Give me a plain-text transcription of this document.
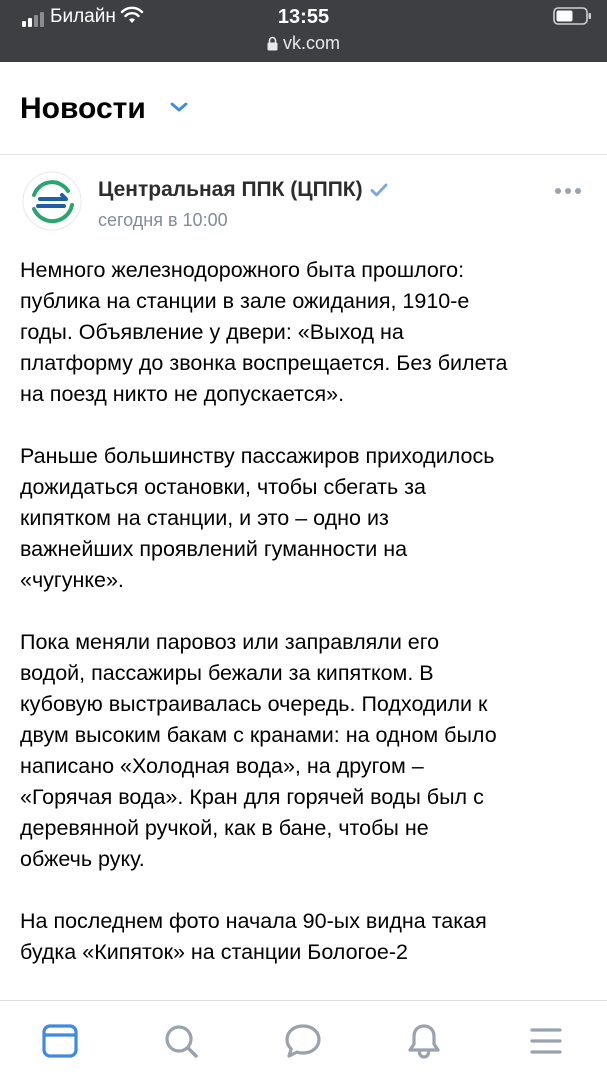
Билайн	13:55
vk.com
Новости
Центральная ППК (ЦППК)
сегодня в 10:00

Немного железнодорожного быта прошлого:
публика на станции в зале ожидания, 1910-е
годы. Объявление у двери: «Выход на
платформу до звонка воспрещается. Без билета
на поезд никто не допускается».

Раньше большинству пассажиров приходилось
дожидаться остановки, чтобы сбегать за
кипятком на станции, и это – одно из
важнейших проявлений гуманности на
«чугунке».

Пока меняли паровоз или заправляли его
водой, пассажиры бежали за кипятком. В
кубовую выстраивалась очередь. Подходили к
двум высоким бакам с кранами: на одном было
написано «Холодная вода», на другом –
«Горячая вода». Кран для горячей воды был с
деревянной ручкой, как в бане, чтобы не
обжечь руку.

На последнем фото начала 90-ых видна такая
будка «Кипяток» на станции Бологое-2
